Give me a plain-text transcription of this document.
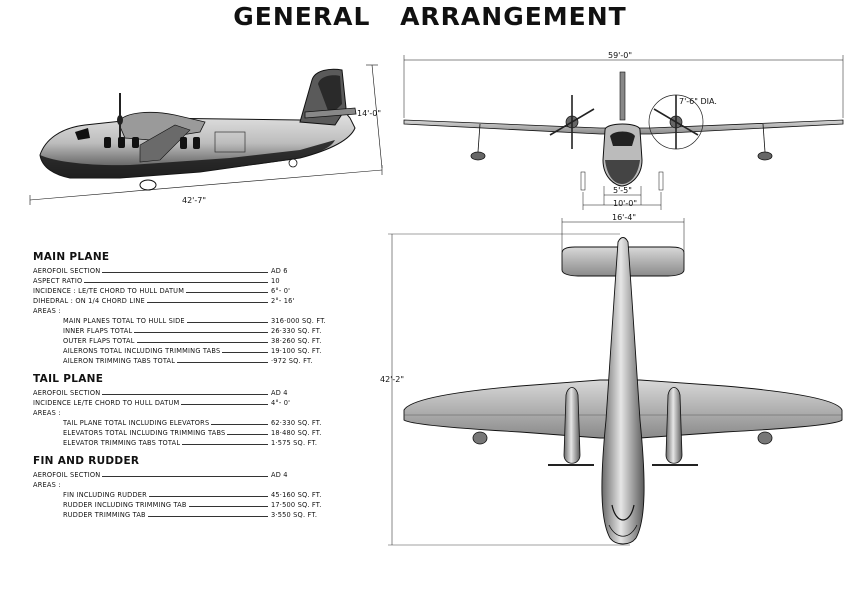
GENERAL ARRANGEMENT
42'-7"
14'-0"
59'-0"
7'-6" DIA.
5'-5"
10'-0"
16'-4"
42'-2"
MAIN PLANE
AEROFOIL SECTION	AD 6
ASPECT RATIO	10
INCIDENCE : LE/TE CHORD TO HULL DATUM	6°- 0'
DIHEDRAL : ON 1/4 CHORD LINE	2°- 16'
AREAS :
MAIN PLANES TOTAL TO HULL SIDE	316·000 SQ. FT.
INNER FLAPS TOTAL	26·330 SQ. FT.
OUTER FLAPS TOTAL	38·260 SQ. FT.
AILERONS TOTAL INCLUDING TRIMMING TABS	19·100 SQ. FT.
AILERON TRIMMING TABS TOTAL	·972 SQ. FT.
TAIL PLANE
AEROFOIL SECTION	AD 4
INCIDENCE LE/TE CHORD TO HULL DATUM	4°- 0'
AREAS :
TAIL PLANE TOTAL INCLUDING ELEVATORS	62·330 SQ. FT.
ELEVATORS TOTAL INCLUDING TRIMMING TABS	18·480 SQ. FT.
ELEVATOR TRIMMING TABS TOTAL	1·575 SQ. FT.
FIN AND RUDDER
AEROFOIL SECTION	AD 4
AREAS :
FIN INCLUDING RUDDER	45·160 SQ. FT.
RUDDER INCLUDING TRIMMING TAB	17·500 SQ. FT.
RUDDER TRIMMING TAB	3·550 SQ. FT.
